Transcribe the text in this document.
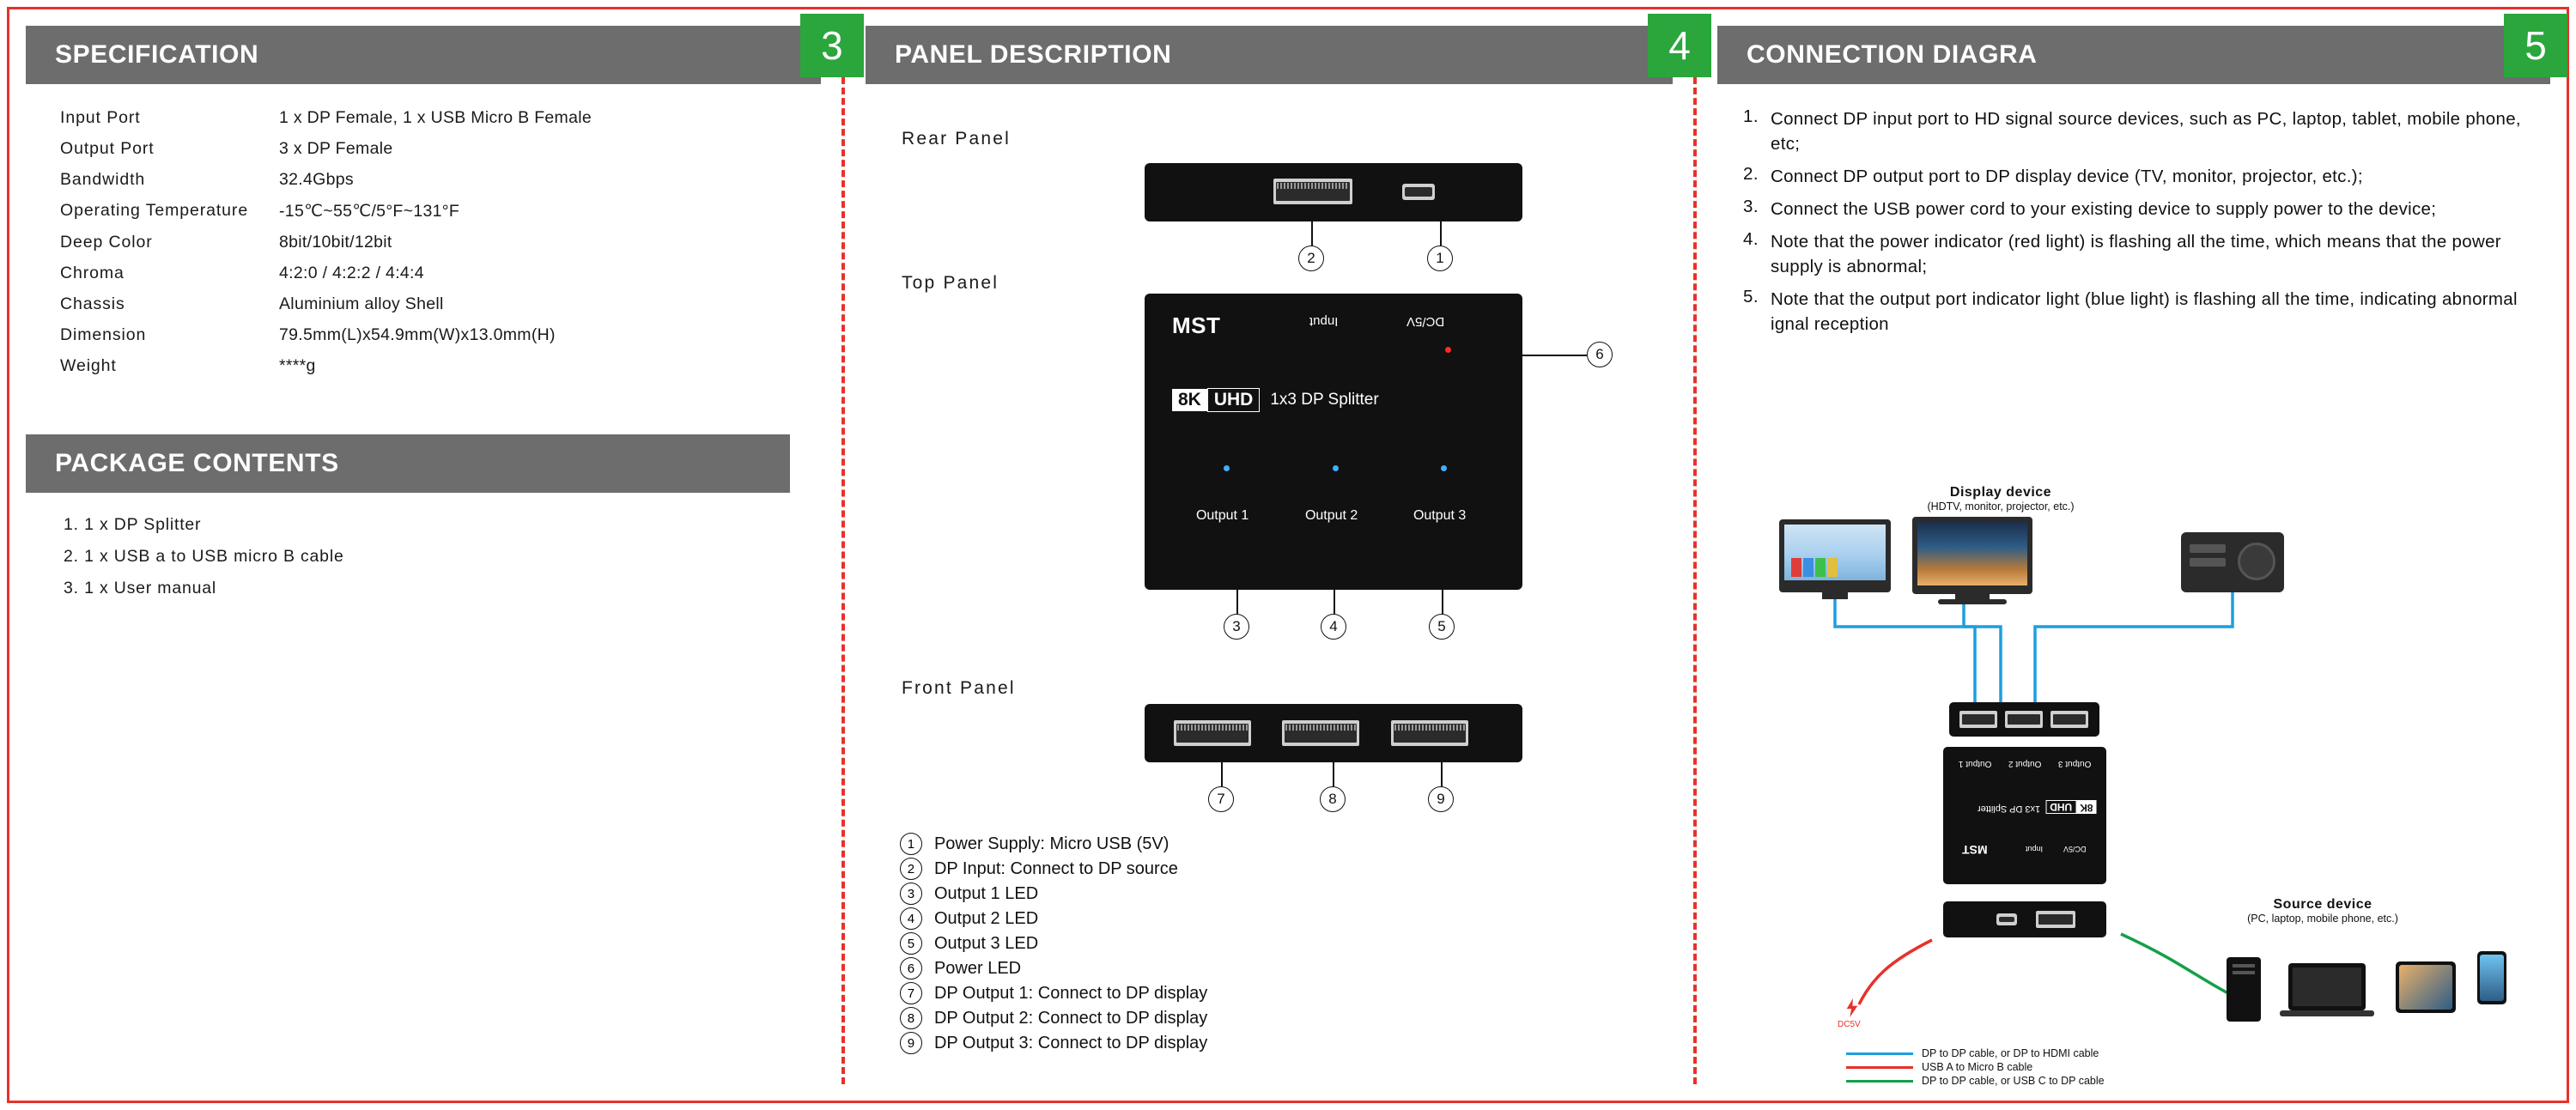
SPECIFICATION	3
Input Port	1 x DP Female, 1 x USB Micro B Female
Output Port	3 x DP Female
Bandwidth	32.4Gbps
Operating Temperature	-15℃~55℃/5°F~131°F
Deep Color	8bit/10bit/12bit
Chroma	4:2:0 / 4:2:2 / 4:4:4
Chassis	Aluminium alloy Shell
Dimension	79.5mm(L)x54.9mm(W)x13.0mm(H)
Weight	****g
PACKAGE CONTENTS
1. 1 x DP Splitter
2. 1 x USB a to USB micro B cable
3. 1 x User manual
PANEL DESCRIPTION	4
Rear Panel
2	1
Top Panel
MST	Input	DC/5V
8K UHD	1x3 DP Splitter
Output 1	Output 2	Output 3
6
3	4	5
Front Panel
7	8	9
1	Power Supply: Micro USB (5V)
2	DP Input: Connect to DP source
3	Output 1 LED
4	Output 2 LED
5	Output 3 LED
6	Power LED
7	DP Output 1: Connect to DP display
8	DP Output 2: Connect to DP display
9	DP Output 3: Connect to DP display
CONNECTION DIAGRA	5
1. Connect DP input port to HD signal source devices, such as PC, laptop, tablet, mobile phone, etc;
2. Connect DP output port to DP display device (TV, monitor, projector, etc.);
3. Connect the USB power cord to your existing device to supply power to the device;
4. Note that the power indicator (red light) is flashing all the time, which means that the power supply is abnormal;
5. Note that the output port indicator light (blue light) is flashing all the time, indicating abnormal ignal reception
Display device
(HDTV, monitor, projector, etc.)
Output 1 Output 2 Output 3
8K
UHD
1x3 DP Splitter
MST	Input	DC/5V
DC5V
Source device
(PC, laptop, mobile phone, etc.)
DP to DP cable, or DP to HDMI cable
USB A to Micro B cable
DP to DP cable, or USB C to DP cable
